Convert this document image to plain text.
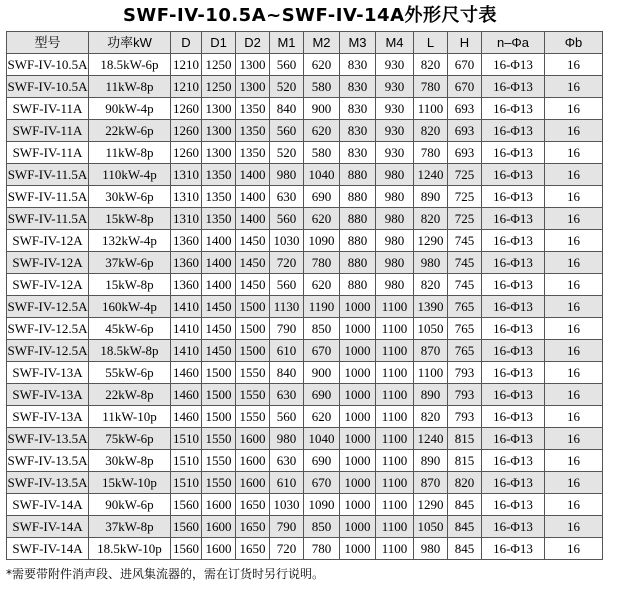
SWF-IV-10.5A~SWF-IV-14A外形尺寸表
型号	功率kW	D	D1	D2	M1	M2	M3	M4	L	H	n–Φa	Φb
SWF-IV-10.5A	18.5kW-6p	1210	1250	1300	560	620	830	930	820	670	16-Φ13	16
SWF-IV-10.5A	11kW-8p	1210	1250	1300	520	580	830	930	780	670	16-Φ13	16
SWF-IV-11A	90kW-4p	1260	1300	1350	840	900	830	930	1100	693	16-Φ13	16
SWF-IV-11A	22kW-6p	1260	1300	1350	560	620	830	930	820	693	16-Φ13	16
SWF-IV-11A	11kW-8p	1260	1300	1350	520	580	830	930	780	693	16-Φ13	16
SWF-IV-11.5A	110kW-4p	1310	1350	1400	980	1040	880	980	1240	725	16-Φ13	16
SWF-IV-11.5A	30kW-6p	1310	1350	1400	630	690	880	980	890	725	16-Φ13	16
SWF-IV-11.5A	15kW-8p	1310	1350	1400	560	620	880	980	820	725	16-Φ13	16
SWF-IV-12A	132kW-4p	1360	1400	1450	1030	1090	880	980	1290	745	16-Φ13	16
SWF-IV-12A	37kW-6p	1360	1400	1450	720	780	880	980	980	745	16-Φ13	16
SWF-IV-12A	15kW-8p	1360	1400	1450	560	620	880	980	820	745	16-Φ13	16
SWF-IV-12.5A	160kW-4p	1410	1450	1500	1130	1190	1000	1100	1390	765	16-Φ13	16
SWF-IV-12.5A	45kW-6p	1410	1450	1500	790	850	1000	1100	1050	765	16-Φ13	16
SWF-IV-12.5A	18.5kW-8p	1410	1450	1500	610	670	1000	1100	870	765	16-Φ13	16
SWF-IV-13A	55kW-6p	1460	1500	1550	840	900	1000	1100	1100	793	16-Φ13	16
SWF-IV-13A	22kW-8p	1460	1500	1550	630	690	1000	1100	890	793	16-Φ13	16
SWF-IV-13A	11kW-10p	1460	1500	1550	560	620	1000	1100	820	793	16-Φ13	16
SWF-IV-13.5A	75kW-6p	1510	1550	1600	980	1040	1000	1100	1240	815	16-Φ13	16
SWF-IV-13.5A	30kW-8p	1510	1550	1600	630	690	1000	1100	890	815	16-Φ13	16
SWF-IV-13.5A	15kW-10p	1510	1550	1600	610	670	1000	1100	870	820	16-Φ13	16
SWF-IV-14A	90kW-6p	1560	1600	1650	1030	1090	1000	1100	1290	845	16-Φ13	16
SWF-IV-14A	37kW-8p	1560	1600	1650	790	850	1000	1100	1050	845	16-Φ13	16
SWF-IV-14A	18.5kW-10p	1560	1600	1650	720	780	1000	1100	980	845	16-Φ13	16
*需要带附件消声段、进风集流器的，需在订货时另行说明。
